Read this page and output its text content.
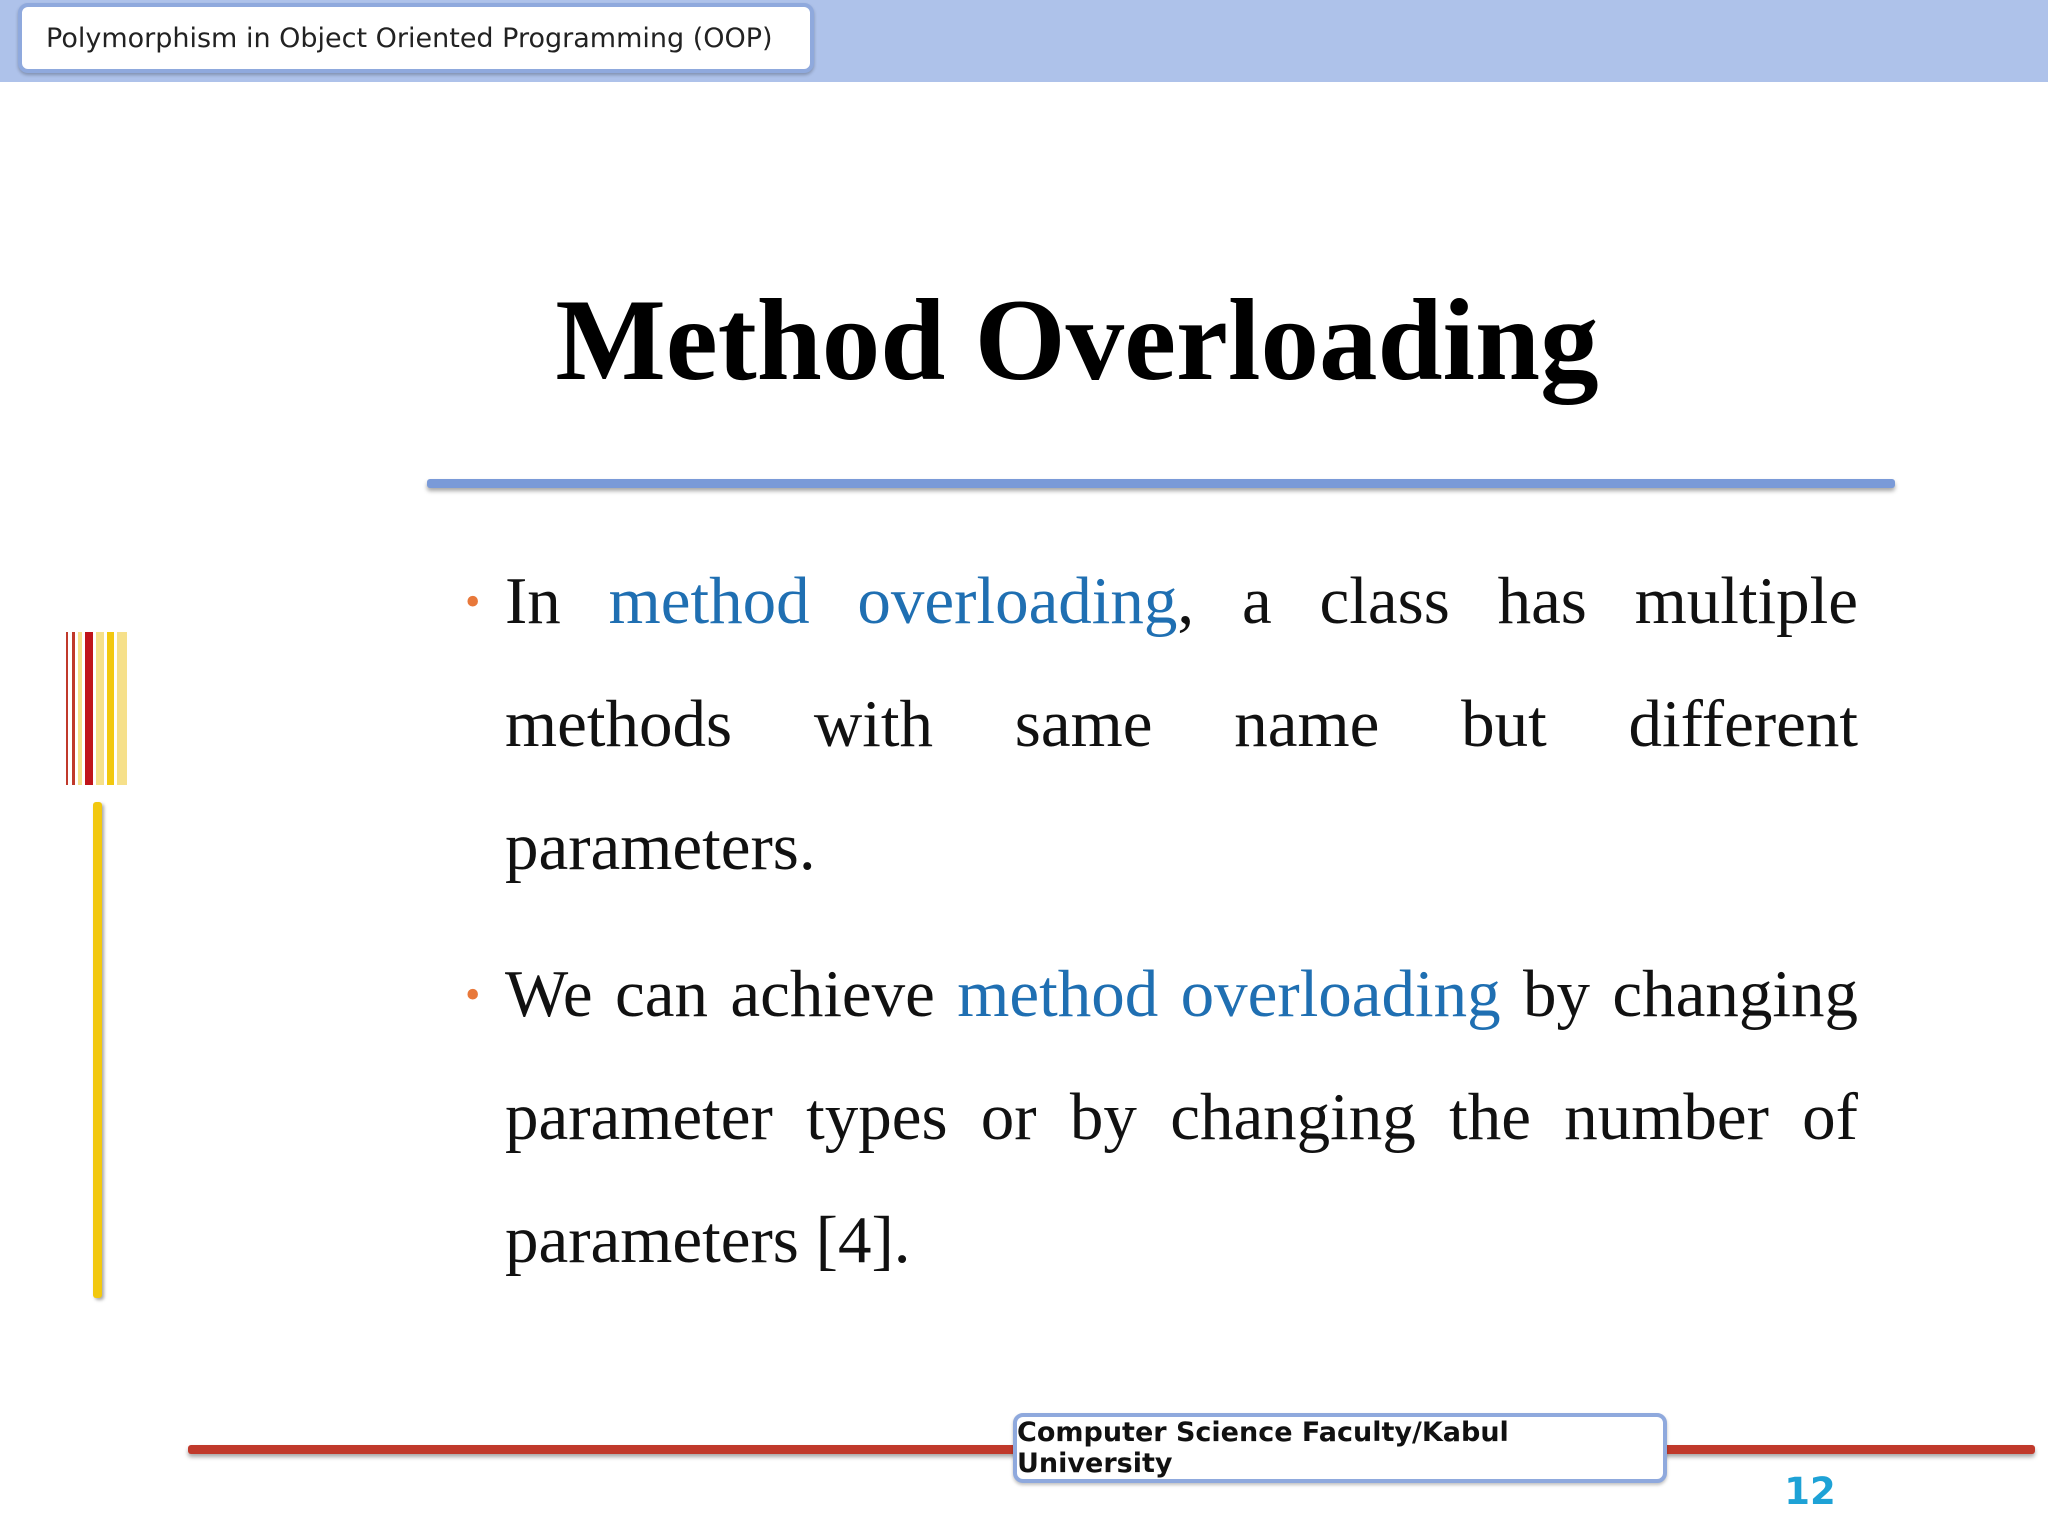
Polymorphism in Object Oriented Programming (OOP)
Method Overloading
• In method overloading, a class has multiple methods with same name but different parameters.
• We can achieve method overloading by changing parameter types or by changing the number of parameters [4].
Computer Science Faculty/Kabul University
12
